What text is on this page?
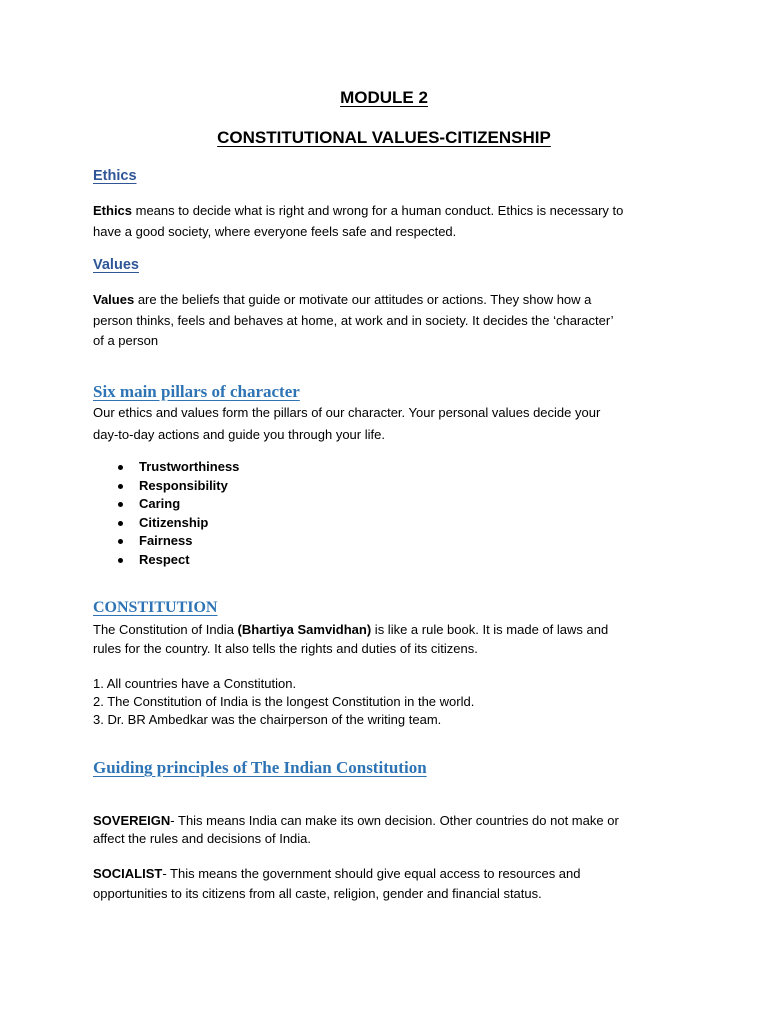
MODULE 2
CONSTITUTIONAL VALUES-CITIZENSHIP
Ethics
Ethics means to decide what is right and wrong for a human conduct. Ethics is necessary to
have a good society, where everyone feels safe and respected.
Values
Values are the beliefs that guide or motivate our attitudes or actions. They show how a
person thinks, feels and behaves at home, at work and in society. It decides the ‘character’
of a person
Six main pillars of character
Our ethics and values form the pillars of our character. Your personal values decide your
day-to-day actions and guide you through your life.
Trustworthiness
Responsibility
Caring
Citizenship
Fairness
Respect
CONSTITUTION
The Constitution of India (Bhartiya Samvidhan) is like a rule book. It is made of laws and
rules for the country. It also tells the rights and duties of its citizens.
1. All countries have a Constitution.
2. The Constitution of India is the longest Constitution in the world.
3. Dr. BR Ambedkar was the chairperson of the writing team.
Guiding principles of The Indian Constitution
SOVEREIGN- This means India can make its own decision. Other countries do not make or
affect the rules and decisions of India.
SOCIALIST- This means the government should give equal access to resources and
opportunities to its citizens from all caste, religion, gender and financial status.
